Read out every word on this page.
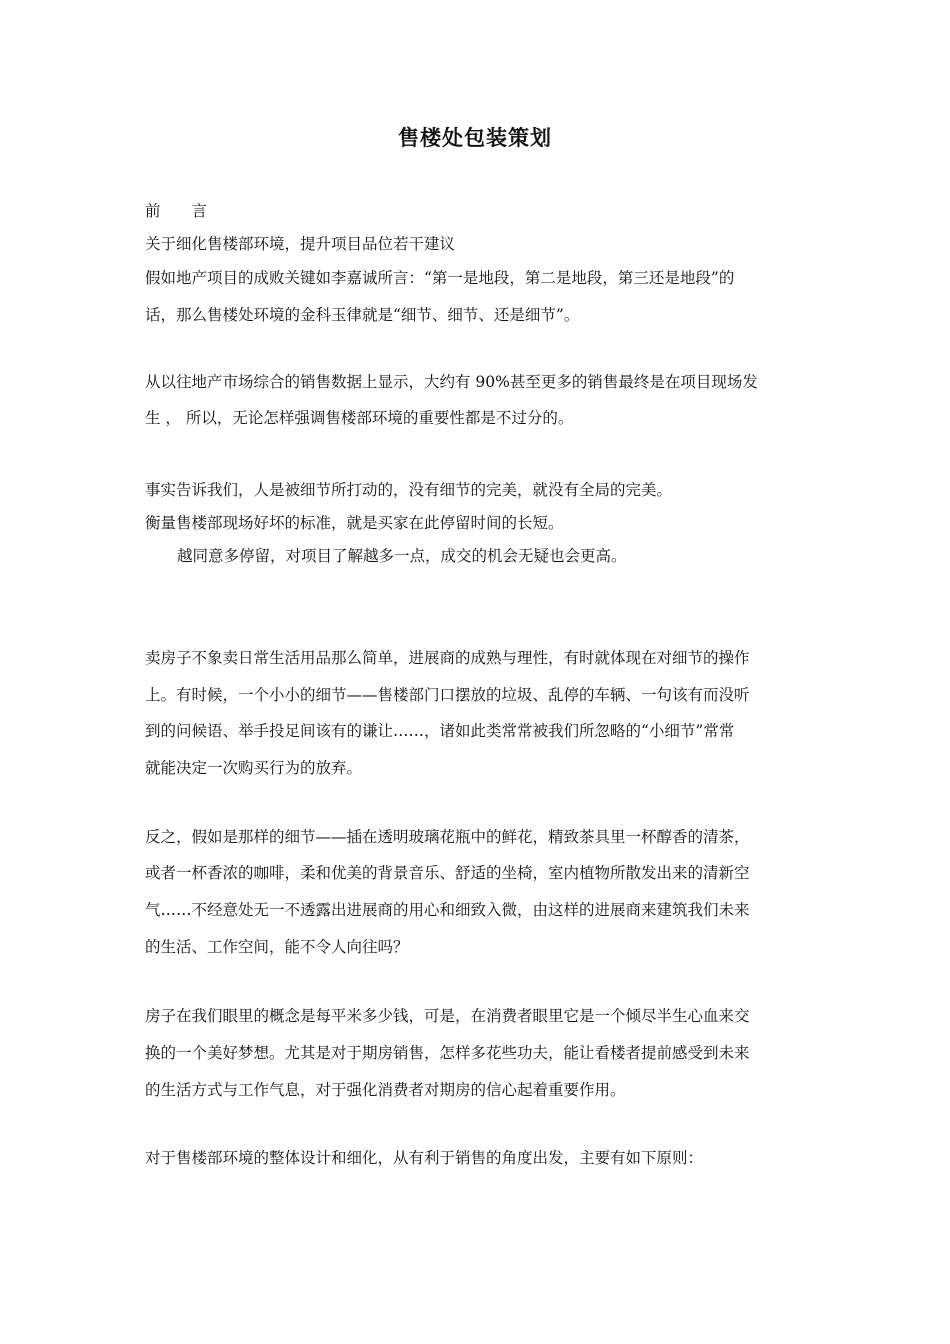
售楼处包装策划
前　　言
关于细化售楼部环境，提升项目品位若干建议
假如地产项目的成败关键如李嘉诚所言：“第一是地段，第二是地段，第三还是地段”的
话，那么售楼处环境的金科玉律就是“细节、细节、还是细节”。
从以往地产市场综合的销售数据上显示，大约有 90%甚至更多的销售最终是在项目现场发
生 ， 所以，无论怎样强调售楼部环境的重要性都是不过分的。
事实告诉我们，人是被细节所打动的，没有细节的完美，就没有全局的完美。
衡量售楼部现场好坏的标准，就是买家在此停留时间的长短。
越同意多停留，对项目了解越多一点，成交的机会无疑也会更高。
卖房子不象卖日常生活用品那么简单，进展商的成熟与理性，有时就体现在对细节的操作
上。有时候，一个小小的细节——售楼部门口摆放的垃圾、乱停的车辆、一句该有而没听
到的问候语、举手投足间该有的谦让……，诸如此类常常被我们所忽略的“小细节”常常
就能决定一次购买行为的放弃。
反之，假如是那样的细节——插在透明玻璃花瓶中的鲜花，精致茶具里一杯醇香的清茶，
或者一杯香浓的咖啡，柔和优美的背景音乐、舒适的坐椅，室内植物所散发出来的清新空
气……不经意处无一不透露出进展商的用心和细致入微，由这样的进展商来建筑我们未来
的生活、工作空间，能不令人向往吗？
房子在我们眼里的概念是每平米多少钱，可是，在消费者眼里它是一个倾尽半生心血来交
换的一个美好梦想。尤其是对于期房销售，怎样多花些功夫，能让看楼者提前感受到未来
的生活方式与工作气息，对于强化消费者对期房的信心起着重要作用。
对于售楼部环境的整体设计和细化，从有利于销售的角度出发，主要有如下原则：
